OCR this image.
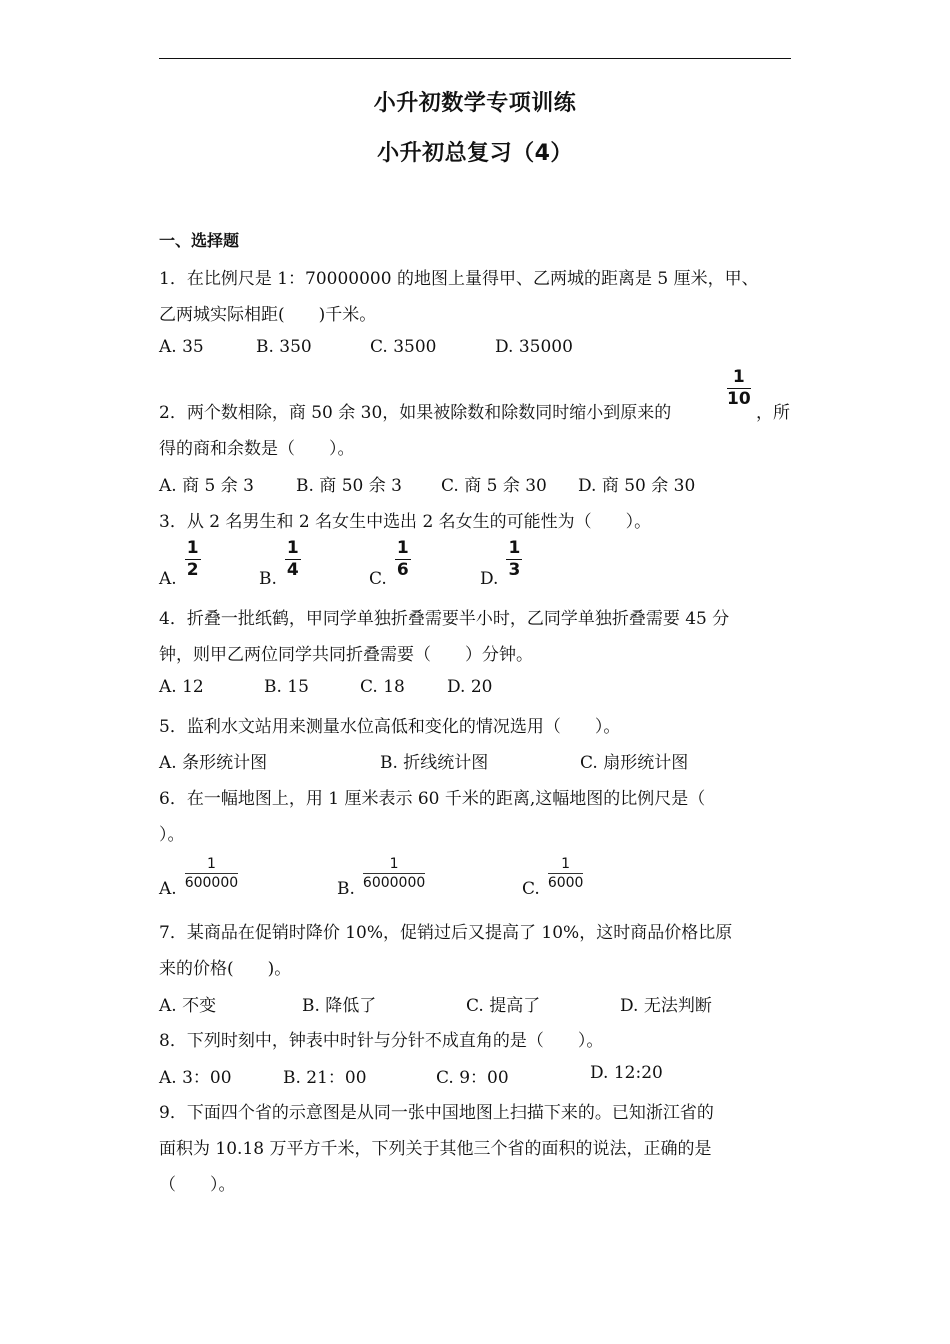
小升初数学专项训练
小升初总复习（4）
一、选择题
1．在比例尺是 1：70000000 的地图上量得甲、乙两城的距离是 5 厘米，甲、
乙两城实际相距(　　)千米。
A. 35	B. 350	C. 3500	D. 35000
2．两个数相除，商 50 余 30，如果被除数和除数同时缩小到原来的
$\frac{1}{10}$
，所
得的商和余数是（　　）。
A. 商 5 余 3 B. 商 50 余 3 C. 商 5 余 30 D. 商 50 余 30
3．从 2 名男生和 2 名女生中选出 2 名女生的可能性为（　　）。
A. $\frac{1}{2}$	B. $\frac{1}{4}$	C. $\frac{1}{6}$	D. $\frac{1}{3}$
4．折叠一批纸鹤，甲同学单独折叠需要半小时，乙同学单独折叠需要 45 分
钟，则甲乙两位同学共同折叠需要（　　）分钟。
A. 12	B. 15	C. 18 D. 20
5．监利水文站用来测量水位高低和变化的情况选用（　　）。
A. 条形统计图	B. 折线统计图	C. 扇形统计图
6．在一幅地图上，用 1 厘米表示 60 千米的距离,这幅地图的比例尺是（
）。
A. $\frac{1}{600000}$	B. $\frac{1}{6000000}$	C. $\frac{1}{6000}$
7．某商品在促销时降价 10%，促销过后又提高了 10%，这时商品价格比原
来的价格(　　)。
A. 不变	B. 降低了	C. 提高了	D. 无法判断
8．下列时刻中，钟表中时针与分针不成直角的是（　　）。
A. 3：00	B. 21：00	C. 9：00	D. 12:20
9．下面四个省的示意图是从同一张中国地图上扫描下来的。已知浙江省的
面积为 10.18 万平方千米，下列关于其他三个省的面积的说法，正确的是
（　　）。
